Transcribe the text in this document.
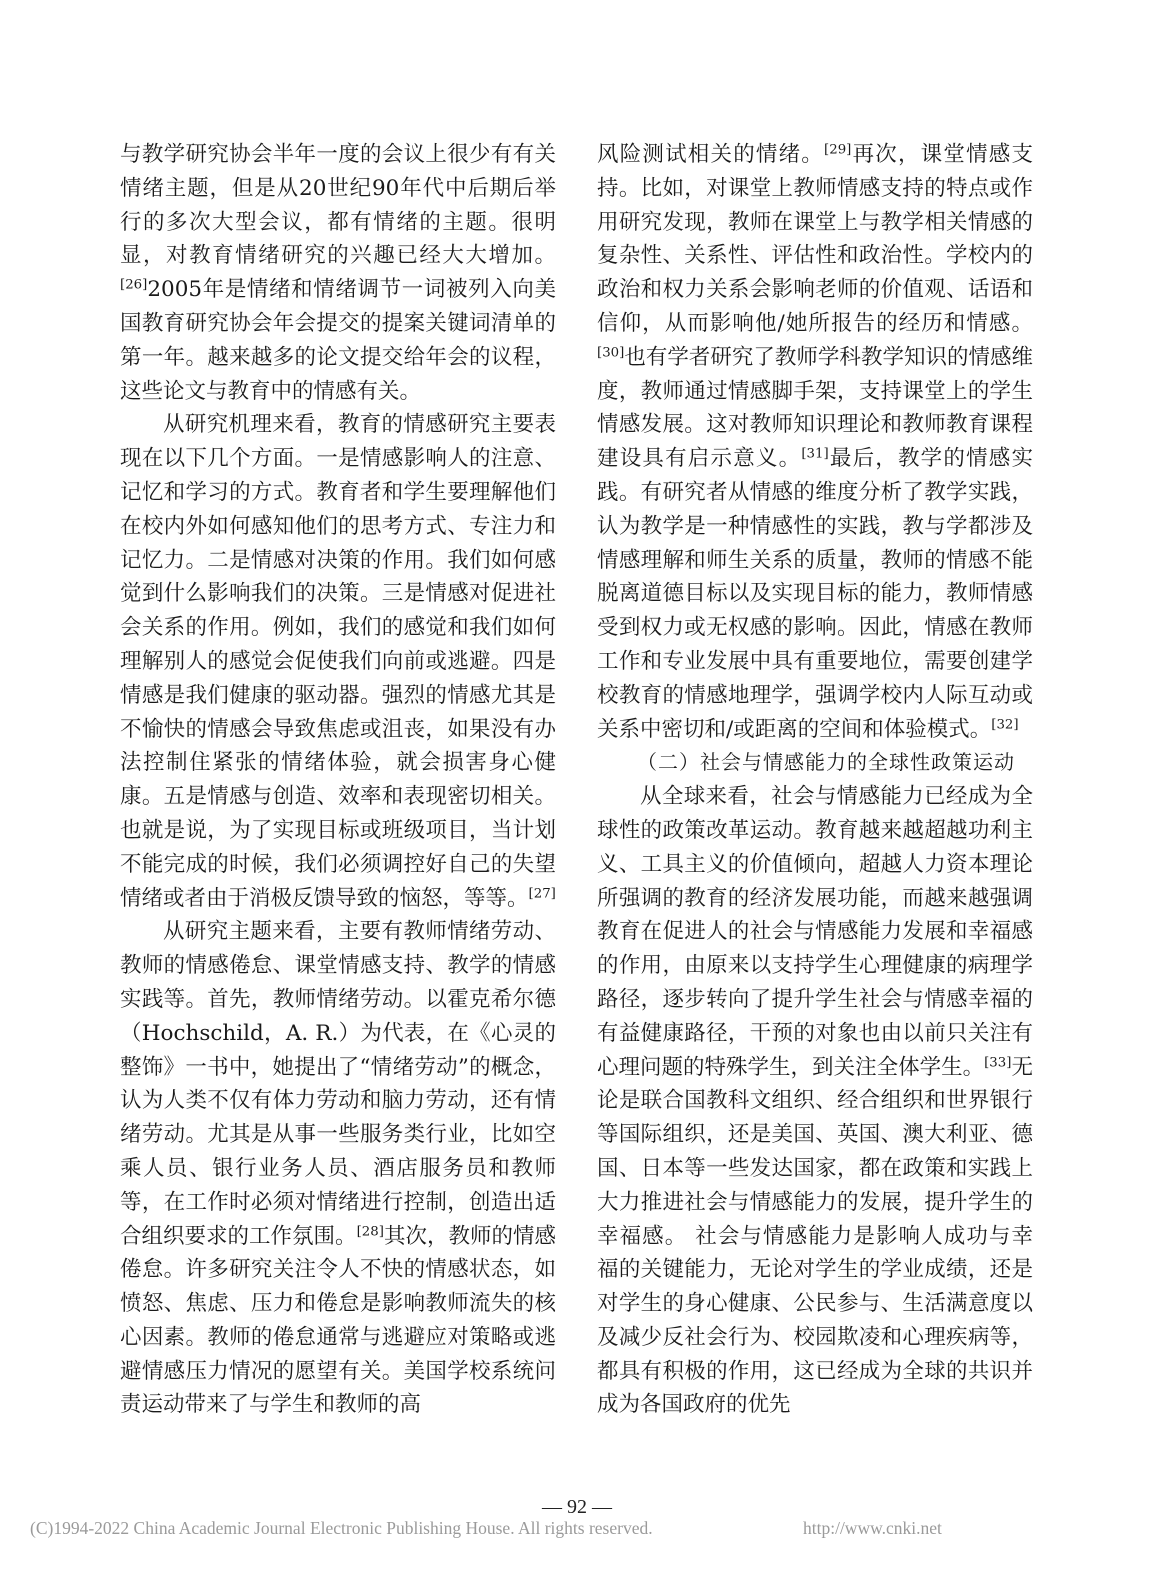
与教学研究协会半年一度的会议上很少有有关情绪主题，但是从20世纪90年代中后期后举行的多次大型会议，都有情绪的主题。很明显，对教育情绪研究的兴趣已经大大增加。[26]2005年是情绪和情绪调节一词被列入向美国教育研究协会年会提交的提案关键词清单的第一年。越来越多的论文提交给年会的议程，这些论文与教育中的情感有关。

从研究机理来看，教育的情感研究主要表现在以下几个方面。一是情感影响人的注意、记忆和学习的方式。教育者和学生要理解他们在校内外如何感知他们的思考方式、专注力和记忆力。二是情感对决策的作用。我们如何感觉到什么影响我们的决策。三是情感对促进社会关系的作用。例如，我们的感觉和我们如何理解别人的感觉会促使我们向前或逃避。四是情感是我们健康的驱动器。强烈的情感尤其是不愉快的情感会导致焦虑或沮丧，如果没有办法控制住紧张的情绪体验，就会损害身心健康。五是情感与创造、效率和表现密切相关。也就是说，为了实现目标或班级项目，当计划不能完成的时候，我们必须调控好自己的失望情绪或者由于消极反馈导致的恼怒，等等。[27]

从研究主题来看，主要有教师情绪劳动、教师的情感倦怠、课堂情感支持、教学的情感实践等。首先，教师情绪劳动。以霍克希尔德（Hochschild，A. R.）为代表，在《心灵的整饰》一书中，她提出了“情绪劳动”的概念，认为人类不仅有体力劳动和脑力劳动，还有情绪劳动。尤其是从事一些服务类行业，比如空乘人员、银行业务人员、酒店服务员和教师等，在工作时必须对情绪进行控制，创造出适合组织要求的工作氛围。[28]其次，教师的情感倦怠。许多研究关注令人不快的情感状态，如愤怒、焦虑、压力和倦怠是影响教师流失的核心因素。教师的倦怠通常与逃避应对策略或逃避情感压力情况的愿望有关。美国学校系统问责运动带来了与学生和教师的高

风险测试相关的情绪。[29]再次，课堂情感支持。比如，对课堂上教师情感支持的特点或作用研究发现，教师在课堂上与教学相关情感的复杂性、关系性、评估性和政治性。学校内的政治和权力关系会影响老师的价值观、话语和信仰，从而影响他/她所报告的经历和情感。[30]也有学者研究了教师学科教学知识的情感维度，教师通过情感脚手架，支持课堂上的学生情感发展。这对教师知识理论和教师教育课程建设具有启示意义。[31]最后，教学的情感实践。有研究者从情感的维度分析了教学实践，认为教学是一种情感性的实践，教与学都涉及情感理解和师生关系的质量，教师的情感不能脱离道德目标以及实现目标的能力，教师情感受到权力或无权感的影响。因此，情感在教师工作和专业发展中具有重要地位，需要创建学校教育的情感地理学，强调学校内人际互动或关系中密切和/或距离的空间和体验模式。[32]

（二）社会与情感能力的全球性政策运动

从全球来看，社会与情感能力已经成为全球性的政策改革运动。教育越来越超越功利主义、工具主义的价值倾向，超越人力资本理论所强调的教育的经济发展功能，而越来越强调教育在促进人的社会与情感能力发展和幸福感的作用，由原来以支持学生心理健康的病理学路径，逐步转向了提升学生社会与情感幸福的有益健康路径，干预的对象也由以前只关注有心理问题的特殊学生，到关注全体学生。[33]无论是联合国教科文组织、经合组织和世界银行等国际组织，还是美国、英国、澳大利亚、德国、日本等一些发达国家，都在政策和实践上大力推进社会与情感能力的发展，提升学生的幸福感。 社会与情感能力是影响人成功与幸福的关键能力，无论对学生的学业成绩，还是对学生的身心健康、公民参与、生活满意度以及减少反社会行为、校园欺凌和心理疾病等，都具有积极的作用，这已经成为全球的共识并成为各国政府的优先

— 92 —
(C)1994-2022 China Academic Journal Electronic Publishing House. All rights reserved.	http://www.cnki.net
